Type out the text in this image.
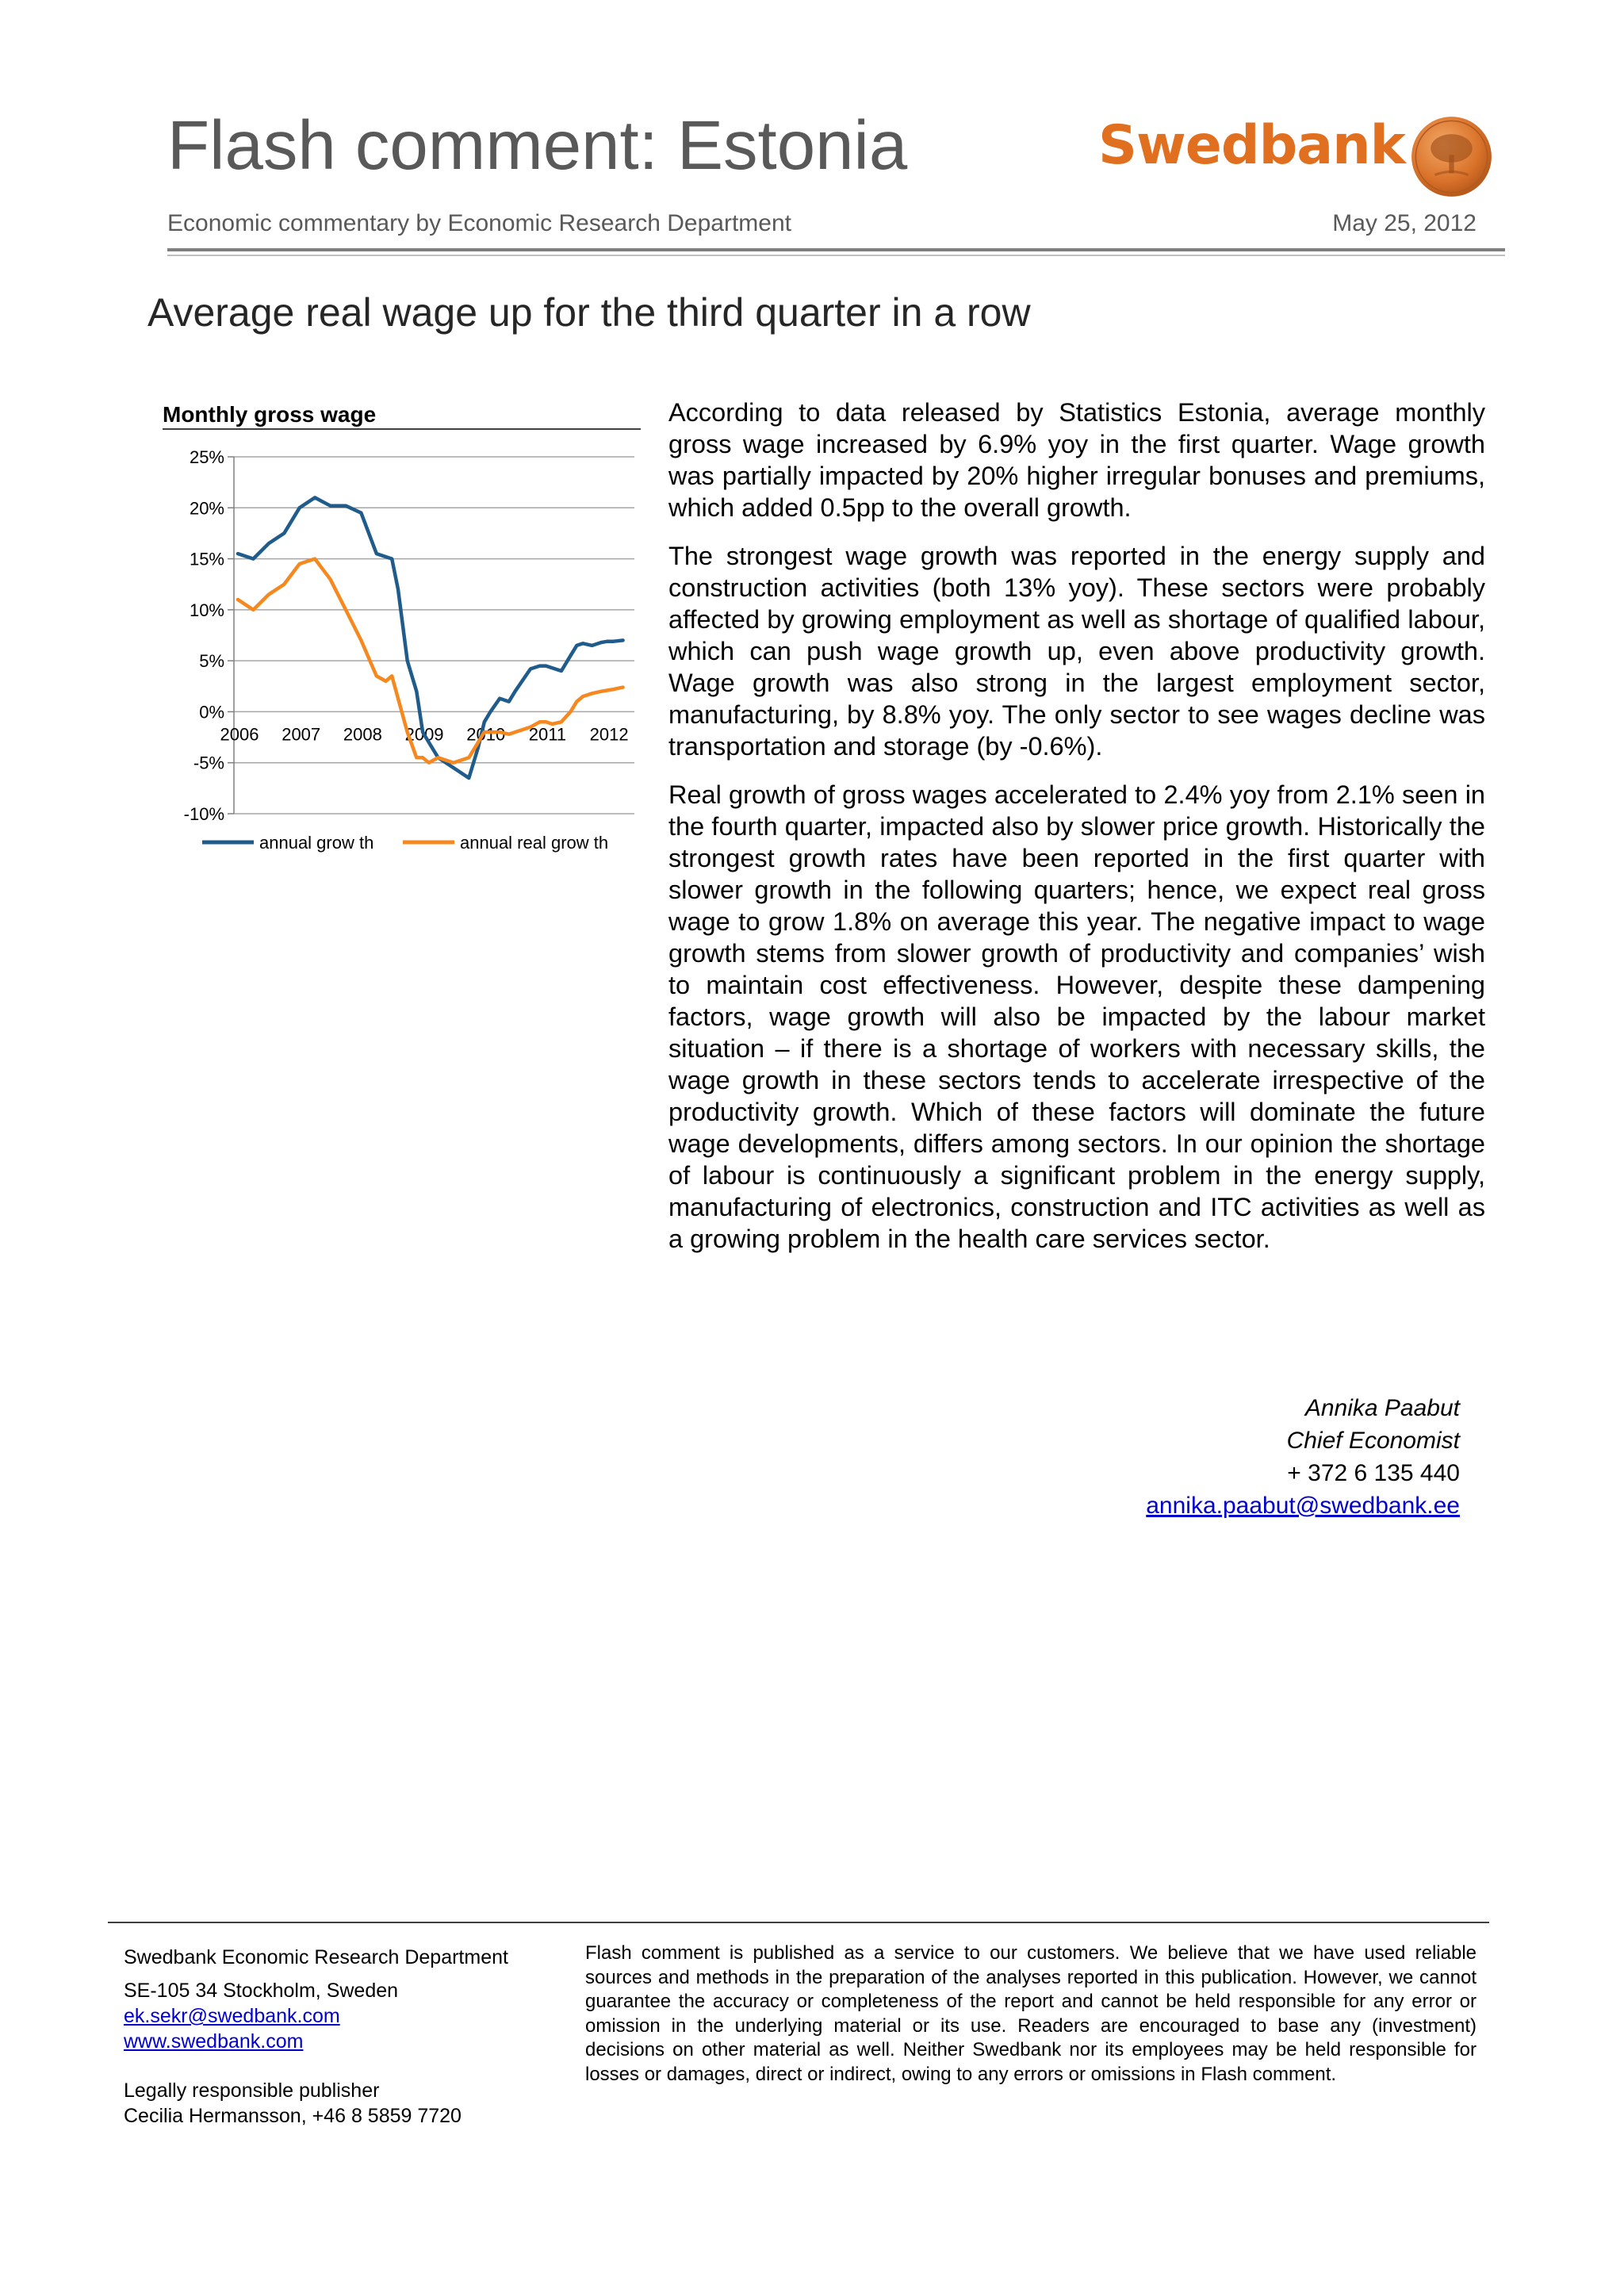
Flash comment: Estonia	Swedbank
Economic commentary by Economic Research Department	May 25, 2012
Average real wage up for the third quarter in a row
Monthly gross wage
25%
20%
15%
10%
5%
0%
-5%
-10%
2006 2007 2008 2009 2010 2011 2012
annual grow th	annual real grow th

According to data released by Statistics Estonia, average monthly gross wage increased by 6.9% yoy in the first quarter. Wage growth was partially impacted by 20% higher irregular bonuses and premiums, which added 0.5pp to the overall growth.

The strongest wage growth was reported in the energy supply and construction activities (both 13% yoy). These sectors were probably affected by growing employment as well as shortage of qualified labour, which can push wage growth up, even above productivity growth. Wage growth was also strong in the largest employment sector, manufacturing, by 8.8% yoy. The only sector to see wages decline was transportation and storage (by -0.6%).

Real growth of gross wages accelerated to 2.4% yoy from 2.1% seen in the fourth quarter, impacted also by slower price growth. Historically the strongest growth rates have been reported in the first quarter with slower growth in the following quarters; hence, we expect real gross wage to grow 1.8% on average this year. The negative impact to wage growth stems from slower growth of productivity and companies’ wish to maintain cost effectiveness. However, despite these dampening factors, wage growth will also be impacted by the labour market situation – if there is a shortage of workers with necessary skills, the wage growth in these sectors tends to accelerate irrespective of the productivity growth. Which of these factors will dominate the future wage developments, differs among sectors. In our opinion the shortage of labour is continuously a significant problem in the energy supply, manufacturing of electronics, construction and ITC activities as well as a growing problem in the health care services sector.

Annika Paabut
Chief Economist
+ 372 6 135 440
annika.paabut@swedbank.ee
Swedbank Economic Research Department
SE-105 34 Stockholm, Sweden
ek.sekr@swedbank.com
www.swedbank.com
Legally responsible publisher
Cecilia Hermansson, +46 8 5859 7720
Flash comment is published as a service to our customers. We believe that we have used reliable sources and methods in the preparation of the analyses reported in this publication. However, we cannot guarantee the accuracy or completeness of the report and cannot be held responsible for any error or omission in the underlying material or its use. Readers are encouraged to base any (investment) decisions on other material as well. Neither Swedbank nor its employees may be held responsible for losses or damages, direct or indirect, owing to any errors or omissions in Flash comment.
